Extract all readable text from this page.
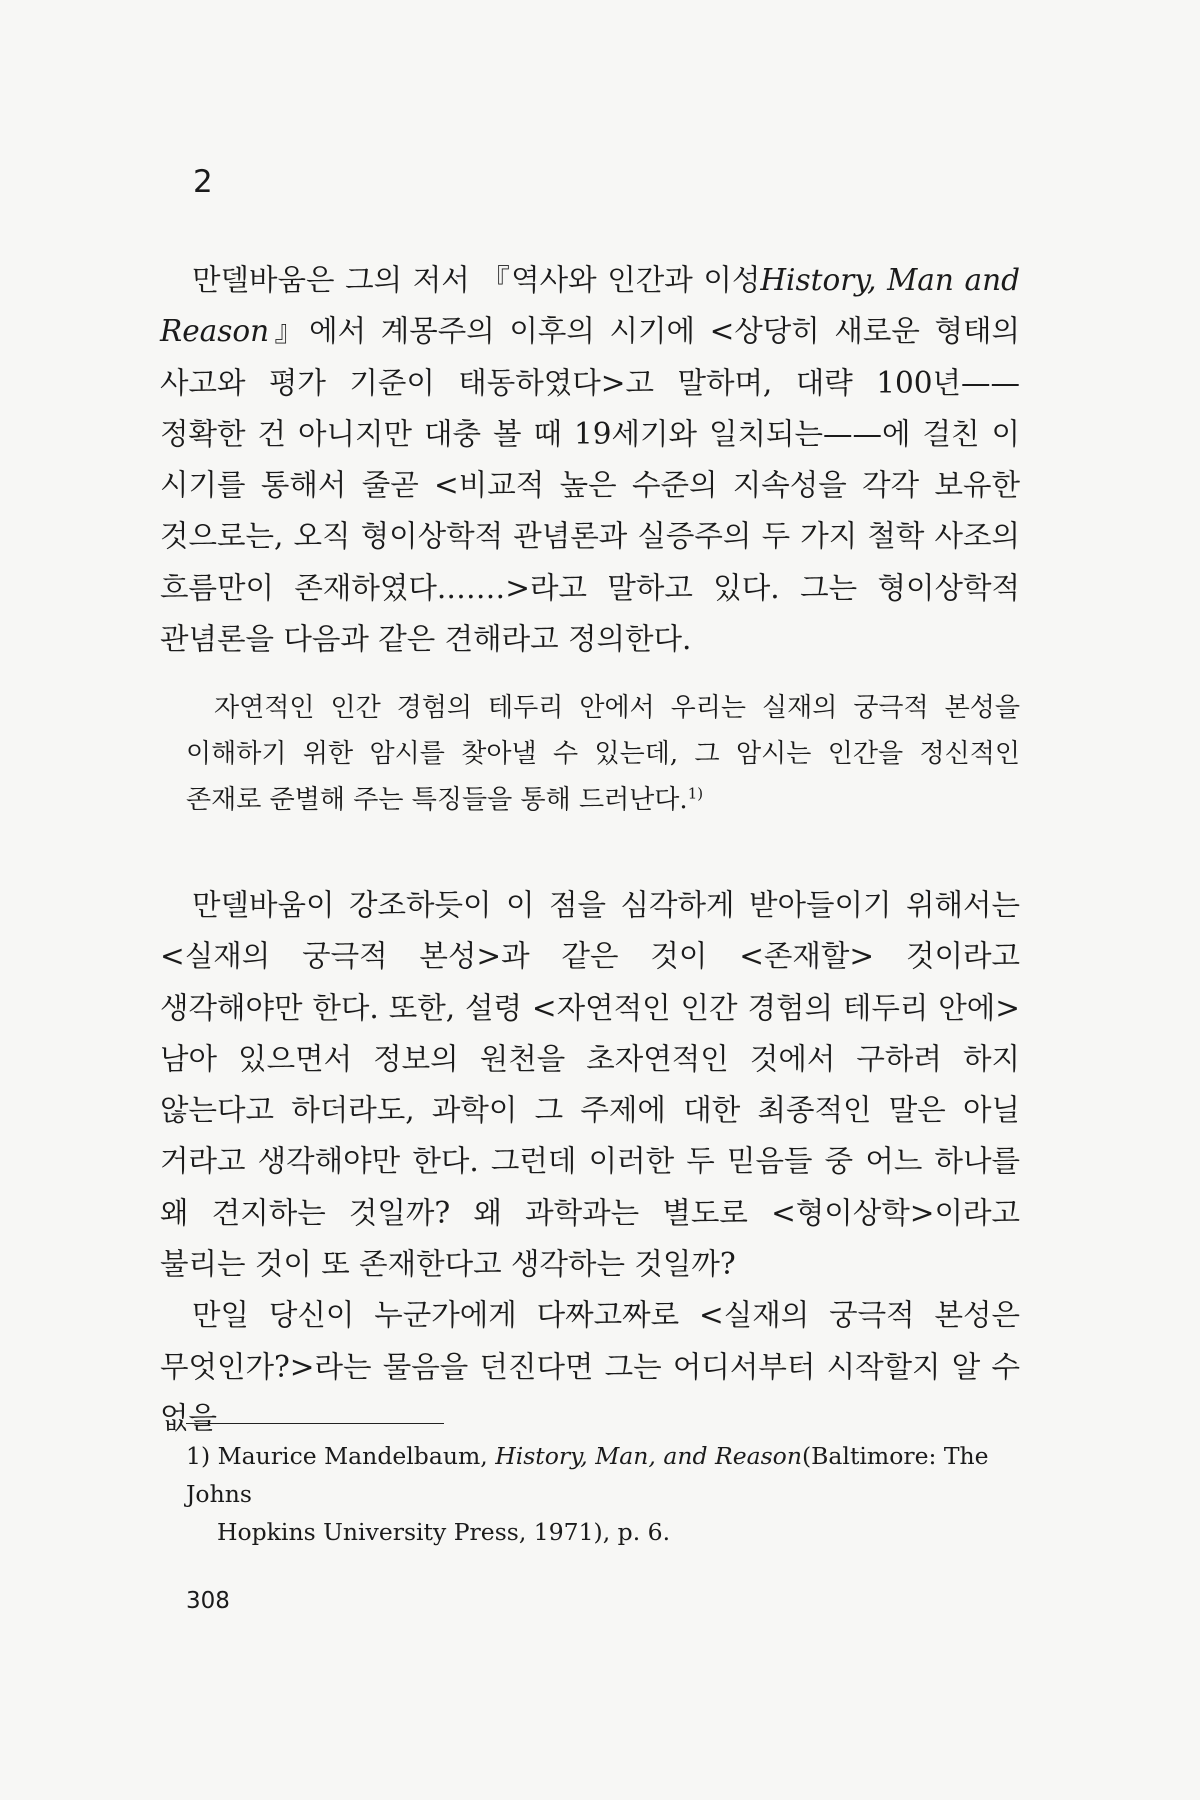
2

만델바움은 그의 저서 『역사와 인간과 이성History, Man and Reason』에서 계몽주의 이후의 시기에 <상당히 새로운 형태의 사고와 평가 기준이 태동하였다>고 말하며, 대략 100년——정확한 건 아니지만 대충 볼 때 19세기와 일치되는——에 걸친 이 시기를 통해서 줄곧 <비교적 높은 수준의 지속성을 각각 보유한 것으로는, 오직 형이상학적 관념론과 실증주의 두 가지 철학 사조의 흐름만이 존재하였다.……>라고 말하고 있다. 그는 형이상학적 관념론을 다음과 같은 견해라고 정의한다.

자연적인 인간 경험의 테두리 안에서 우리는 실재의 궁극적 본성을 이해하기 위한 암시를 찾아낼 수 있는데, 그 암시는 인간을 정신적인 존재로 준별해 주는 특징들을 통해 드러난다.$^{1)}$

만델바움이 강조하듯이 이 점을 심각하게 받아들이기 위해서는 <실재의 궁극적 본성>과 같은 것이 <존재할> 것이라고 생각해야만 한다. 또한, 설령 <자연적인 인간 경험의 테두리 안에> 남아 있으면서 정보의 원천을 초자연적인 것에서 구하려 하지 않는다고 하더라도, 과학이 그 주제에 대한 최종적인 말은 아닐 거라고 생각해야만 한다. 그런데 이러한 두 믿음들 중 어느 하나를 왜 견지하는 것일까? 왜 과학과는 별도로 <형이상학>이라고 불리는 것이 또 존재한다고 생각하는 것일까?

만일 당신이 누군가에게 다짜고짜로 <실재의 궁극적 본성은 무엇인가?>라는 물음을 던진다면 그는 어디서부터 시작할지 알 수 없을

1) Maurice Mandelbaum, History, Man, and Reason(Baltimore: The Johns
Hopkins University Press, 1971), p. 6.
308
